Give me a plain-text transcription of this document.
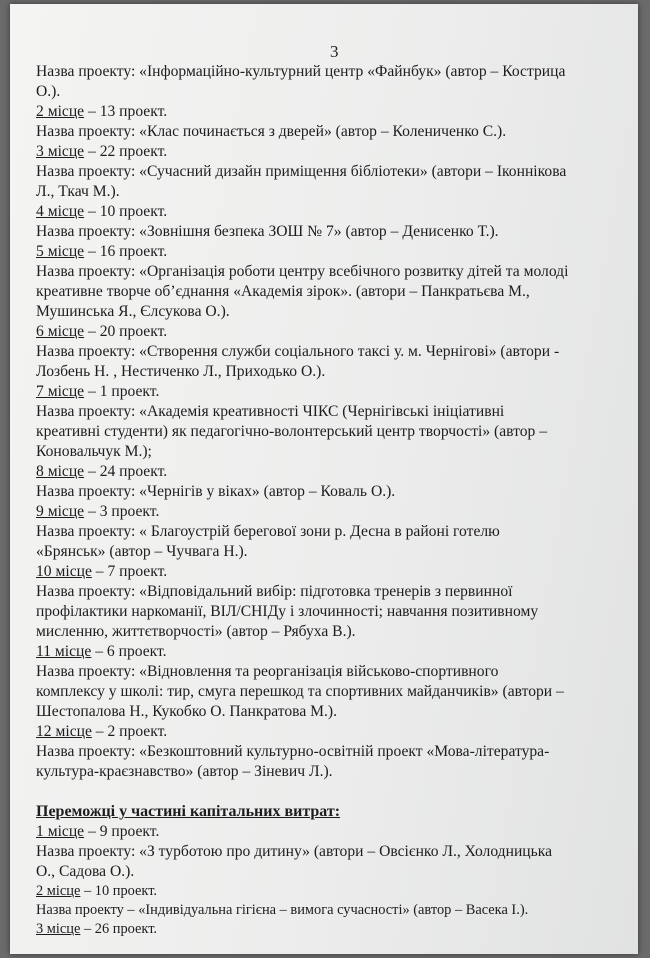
3
Назва проекту: «Інформаційно-культурний центр «Файнбук» (автор – Кострица
О.).
2 місце – 13 проект.
Назва проекту: «Клас починається з дверей» (автор – Колениченко С.).
3 місце – 22 проект.
Назва проекту: «Сучасний дизайн приміщення бібліотеки» (автори – Іконнікова
Л., Ткач М.).
4 місце – 10 проект.
Назва проекту: «Зовнішня безпека ЗОШ № 7» (автор – Денисенко Т.).
5 місце – 16 проект.
Назва проекту: «Організація роботи центру всебічного розвитку дітей та молоді
креативне творче об’єднання «Академія зірок». (автори – Панкратьєва М.,
Мушинська Я., Єлсукова О.).
6 місце – 20 проект.
Назва проекту: «Створення служби соціального таксі у. м. Чернігові» (автори -
Лозбень Н. , Нестиченко Л., Приходько О.).
7 місце – 1 проект.
Назва проекту: «Академія креативності ЧІКС (Чернігівські ініціативні
креативні студенти) як педагогічно-волонтерський центр творчості» (автор –
Коновальчук М.);
8 місце – 24 проект.
Назва проекту: «Чернігів у віках» (автор – Коваль О.).
9 місце – 3 проект.
Назва проекту: « Благоустрій берегової зони р. Десна в районі готелю
«Брянськ» (автор – Чучвага Н.).
10 місце – 7 проект.
Назва проекту: «Відповідальний вибір: підготовка тренерів з первинної
профілактики наркоманії, ВІЛ/СНІДу і злочинності; навчання позитивному
мисленню, життєтворчості» (автор – Рябуха В.).
11 місце – 6 проект.
Назва проекту: «Відновлення та реорганізація військово-спортивного
комплексу у школі: тир, смуга перешкод та спортивних майданчиків» (автори –
Шестопалова Н., Кукобко О. Панкратова М.).
12 місце – 2 проект.
Назва проекту: «Безкоштовний культурно-освітній проект «Мова-література-
культура-краєзнавство» (автор – Зіневич Л.).
Переможці у частині капітальних витрат:
1 місце – 9 проект.
Назва проекту: «З турботою про дитину» (автори – Овсієнко Л., Холодницька
О., Садова О.).
2 місце – 10 проект.
Назва проекту – «Індивідуальна гігієна – вимога сучасності» (автор – Васека І.).
3 місце – 26 проект.
